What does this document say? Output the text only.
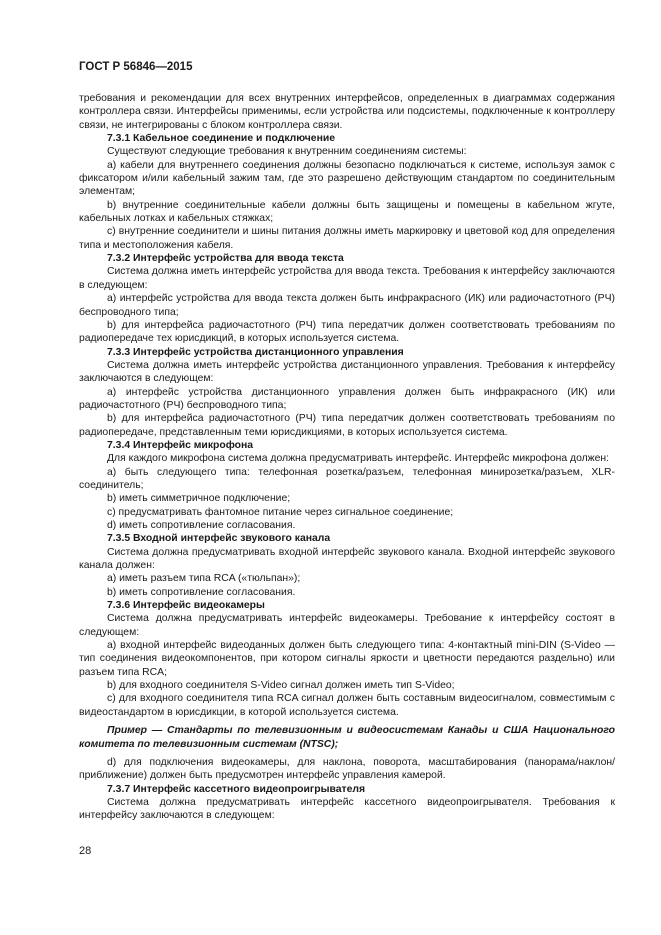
ГОСТ Р 56846—2015

требования и рекомендации для всех внутренних интерфейсов, определенных в диаграммах содержания контроллера связи. Интерфейсы применимы, если устройства или подсистемы, подключенные к контроллеру связи, не интегрированы с блоком контроллера связи.

7.3.1 Кабельное соединение и подключение

Существуют следующие требования к внутренним соединениям системы:

а) кабели для внутреннего соединения должны безопасно подключаться к системе, используя замок с фиксатором и/или кабельный зажим там, где это разрешено действующим стандартом по соединительным элементам;

b) внутренние соединительные кабели должны быть защищены и помещены в кабельном жгуте, кабельных лотках и кабельных стяжках;

с) внутренние соединители и шины питания должны иметь маркировку и цветовой код для определения типа и местоположения кабеля.

7.3.2 Интерфейс устройства для ввода текста

Система должна иметь интерфейс устройства для ввода текста. Требования к интерфейсу заключаются в следующем:

а) интерфейс устройства для ввода текста должен быть инфракрасного (ИК) или радиочастотного (РЧ) беспроводного типа;

b) для интерфейса радиочастотного (РЧ) типа передатчик должен соответствовать требованиям по радиопередаче тех юрисдикций, в которых используется система.

7.3.3 Интерфейс устройства дистанционного управления

Система должна иметь интерфейс устройства дистанционного управления. Требования к интерфейсу заключаются в следующем:

а) интерфейс устройства дистанционного управления должен быть инфракрасного (ИК) или радиочастотного (РЧ) беспроводного типа;

b) для интерфейса радиочастотного (РЧ) типа передатчик должен соответствовать требованиям по радиопередаче, представленным теми юрисдикциями, в которых используется система.

7.3.4 Интерфейс микрофона

Для каждого микрофона система должна предусматривать интерфейс. Интерфейс микрофона должен:

а) быть следующего типа: телефонная розетка/разъем, телефонная минирозетка/разъем, XLR-соединитель;

b) иметь симметричное подключение;

с) предусматривать фантомное питание через сигнальное соединение;

d) иметь сопротивление согласования.

7.3.5 Входной интерфейс звукового канала

Система должна предусматривать входной интерфейс звукового канала. Входной интерфейс звукового канала должен:

а) иметь разъем типа RCA («тюльпан»);

b) иметь сопротивление согласования.

7.3.6 Интерфейс видеокамеры

Система должна предусматривать интерфейс видеокамеры. Требование к интерфейсу состоят в следующем:

а) входной интерфейс видеоданных должен быть следующего типа: 4-контактный mini-DIN (S-Video — тип соединения видеокомпонентов, при котором сигналы яркости и цветности передаются раздельно) или разъем типа RCA;

b) для входного соединителя S-Video сигнал должен иметь тип S-Video;

с) для входного соединителя типа RCA сигнал должен быть составным видеосигналом, совместимым с видеостандартом в юрисдикции, в которой используется система.

Пример — Стандарты по телевизионным и видеосистемам Канады и США Национального комитета по телевизионным системам (NTSC);

d) для подключения видеокамеры, для наклона, поворота, масштабирования (панорама/наклон/приближение) должен быть предусмотрен интерфейс управления камерой.

7.3.7 Интерфейс кассетного видеопроигрывателя

Система должна предусматривать интерфейс кассетного видеопроигрывателя. Требования к интерфейсу заключаются в следующем:

28
